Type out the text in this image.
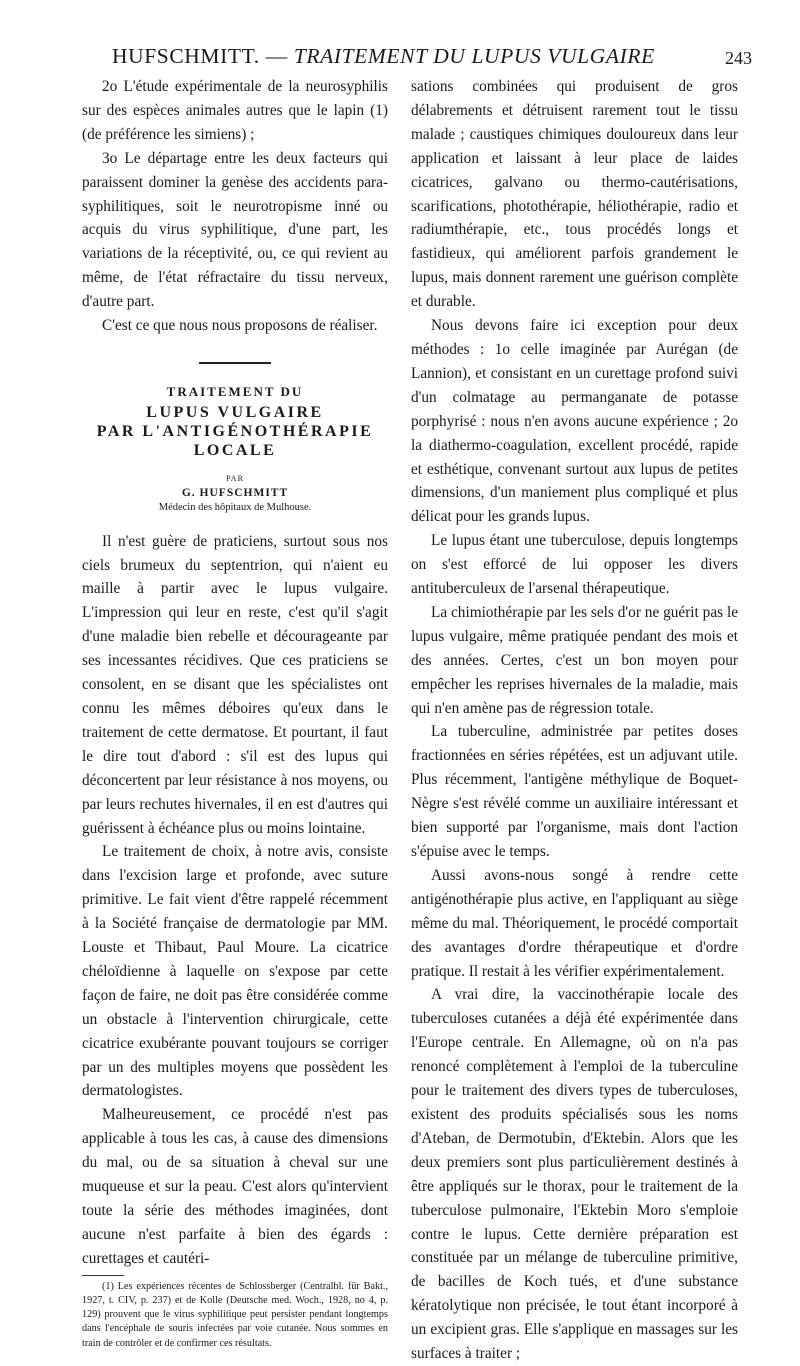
HUFSCHMITT. — TRAITEMENT DU LUPUS VULGAIRE	243

2o L'étude expérimentale de la neurosyphilis sur des espèces animales autres que le lapin (1) (de préférence les simiens) ;

3o Le départage entre les deux facteurs qui paraissent dominer la genèse des accidents para-syphilitiques, soit le neurotropisme inné ou acquis du virus syphilitique, d'une part, les variations de la réceptivité, ou, ce qui revient au même, de l'état réfractaire du tissu nerveux, d'autre part.

C'est ce que nous nous proposons de réaliser.

TRAITEMENT DU
LUPUS VULGAIRE
PAR L'ANTIGÉNOTHÉRAPIE
LOCALE
PAR
G. HUFSCHMITT
Médecin des hôpitaux de Mulhouse.

Il n'est guère de praticiens, surtout sous nos ciels brumeux du septentrion, qui n'aient eu maille à partir avec le lupus vulgaire. L'impression qui leur en reste, c'est qu'il s'agit d'une maladie bien rebelle et décourageante par ses incessantes récidives. Que ces praticiens se consolent, en se disant que les spécialistes ont connu les mêmes déboires qu'eux dans le traitement de cette dermatose. Et pourtant, il faut le dire tout d'abord : s'il est des lupus qui déconcertent par leur résistance à nos moyens, ou par leurs rechutes hivernales, il en est d'autres qui guérissent à échéance plus ou moins lointaine.

Le traitement de choix, à notre avis, consiste dans l'excision large et profonde, avec suture primitive. Le fait vient d'être rappelé récemment à la Société française de dermatologie par MM. Louste et Thibaut, Paul Moure. La cicatrice chéloïdienne à laquelle on s'expose par cette façon de faire, ne doit pas être considérée comme un obstacle à l'intervention chirurgicale, cette cicatrice exubérante pouvant toujours se corriger par un des multiples moyens que possèdent les dermatologistes.

Malheureusement, ce procédé n'est pas applicable à tous les cas, à cause des dimensions du mal, ou de sa situation à cheval sur une muqueuse et sur la peau. C'est alors qu'intervient toute la série des méthodes imaginées, dont aucune n'est parfaite à bien des égards : curettages et cautéri-

(1) Les expériences récentes de Schlossberger (Centralbl. für Bakt., 1927, t. CIV, p. 237) et de Kolle (Deutsche med. Woch., 1928, no 4, p. 129) prouvent que le virus syphilitique peut persister pendant longtemps dans l'encéphale de souris infectées par voie cutanée. Nous sommes en train de contrôler et de confirmer ces résultats.

sations combinées qui produisent de gros délabrements et détruisent rarement tout le tissu malade ; caustiques chimiques douloureux dans leur application et laissant à leur place de laides cicatrices, galvano ou thermo-cautérisations, scarifications, photothérapie, héliothérapie, radio et radiumthérapie, etc., tous procédés longs et fastidieux, qui améliorent parfois grandement le lupus, mais donnent rarement une guérison complète et durable.

Nous devons faire ici exception pour deux méthodes : 1o celle imaginée par Aurégan (de Lannion), et consistant en un curettage profond suivi d'un colmatage au permanganate de potasse porphyrisé : nous n'en avons aucune expérience ; 2o la diathermo-coagulation, excellent procédé, rapide et esthétique, convenant surtout aux lupus de petites dimensions, d'un maniement plus compliqué et plus délicat pour les grands lupus.

Le lupus étant une tuberculose, depuis longtemps on s'est efforcé de lui opposer les divers antituberculeux de l'arsenal thérapeutique.

La chimiothérapie par les sels d'or ne guérit pas le lupus vulgaire, même pratiquée pendant des mois et des années. Certes, c'est un bon moyen pour empêcher les reprises hivernales de la maladie, mais qui n'en amène pas de régression totale.

La tuberculine, administrée par petites doses fractionnées en séries répétées, est un adjuvant utile. Plus récemment, l'antigène méthylique de Boquet-Nègre s'est révélé comme un auxiliaire intéressant et bien supporté par l'organisme, mais dont l'action s'épuise avec le temps.

Aussi avons-nous songé à rendre cette antigénothérapie plus active, en l'appliquant au siège même du mal. Théoriquement, le procédé comportait des avantages d'ordre thérapeutique et d'ordre pratique. Il restait à les vérifier expérimentalement.

A vrai dire, la vaccinothérapie locale des tuberculoses cutanées a déjà été expérimentée dans l'Europe centrale. En Allemagne, où on n'a pas renoncé complètement à l'emploi de la tuberculine pour le traitement des divers types de tuberculoses, existent des produits spécialisés sous les noms d'Ateban, de Dermotubin, d'Ektebin. Alors que les deux premiers sont plus particulièrement destinés à être appliqués sur le thorax, pour le traitement de la tuberculose pulmonaire, l'Ektebin Moro s'emploie contre le lupus. Cette dernière préparation est constituée par un mélange de tuberculine primitive, de bacilles de Koch tués, et d'une substance kératolytique non précisée, le tout étant incorporé à un excipient gras. Elle s'applique en massages sur les surfaces à traiter ;
